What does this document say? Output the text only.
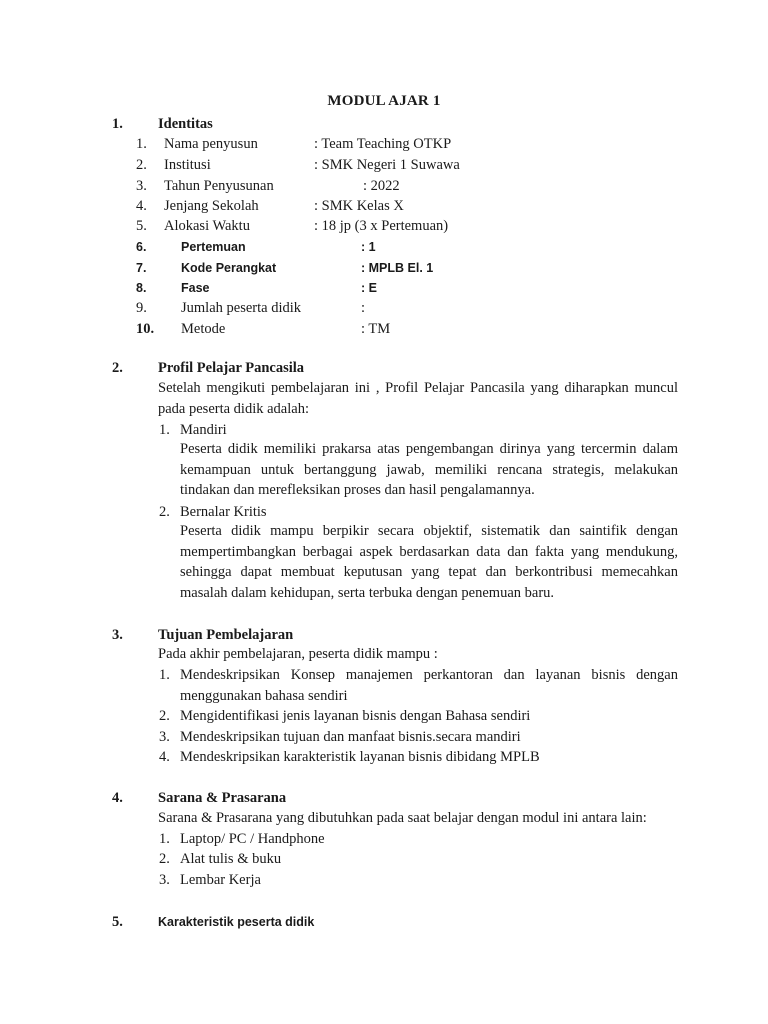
MODUL AJAR 1
1. Identitas
1. Nama penyusun	: Team Teaching OTKP
2. Institusi	: SMK Negeri 1 Suwawa
3. Tahun Penyusunan	: 2022
4. Jenjang Sekolah	: SMK Kelas X
5. Alokasi Waktu	: 18 jp (3 x Pertemuan)
6.	Pertemuan	: 1
7.	Kode Perangkat	: MPLB El. 1
8.	Fase	: E
9. Jumlah peserta didik	:
10. Metode	: TM
2. Profil Pelajar Pancasila
Setelah mengikuti pembelajaran ini , Profil Pelajar Pancasila yang diharapkan muncul pada peserta didik adalah:
1. Mandiri
Peserta didik memiliki prakarsa atas pengembangan dirinya yang tercermin dalam kemampuan untuk bertanggung jawab, memiliki rencana strategis, melakukan tindakan dan merefleksikan proses dan hasil pengalamannya.
2. Bernalar Kritis
Peserta didik mampu berpikir secara objektif, sistematik dan saintifik dengan mempertimbangkan berbagai aspek berdasarkan data dan fakta yang mendukung, sehingga dapat membuat keputusan yang tepat dan berkontribusi memecahkan masalah dalam kehidupan, serta terbuka dengan penemuan baru.
3. Tujuan Pembelajaran
Pada akhir pembelajaran, peserta didik mampu :
1. Mendeskripsikan Konsep manajemen perkantoran dan layanan bisnis dengan menggunakan bahasa sendiri
2. Mengidentifikasi jenis layanan bisnis dengan Bahasa sendiri
3. Mendeskripsikan tujuan dan manfaat bisnis.secara mandiri
4. Mendeskripsikan karakteristik layanan bisnis dibidang MPLB
4. Sarana & Prasarana
Sarana & Prasarana yang dibutuhkan pada saat belajar dengan modul ini antara lain:
1. Laptop/ PC / Handphone
2. Alat tulis & buku
3. Lembar Kerja
5.	Karakteristik peserta didik
